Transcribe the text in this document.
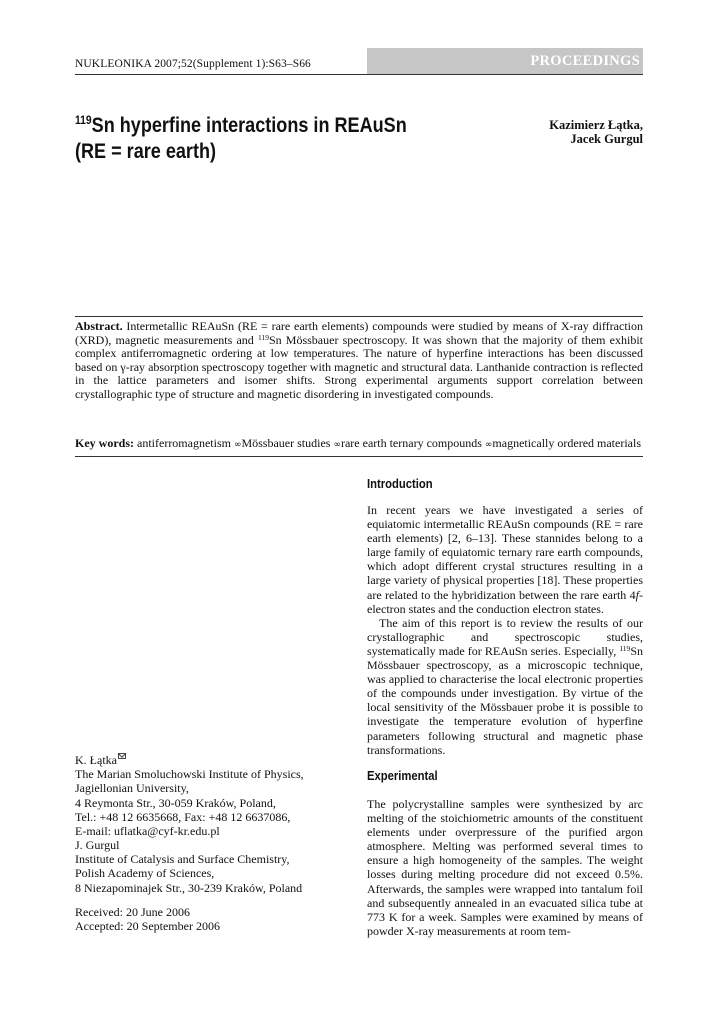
NUKLEONIKA 2007;52(Supplement 1):S63–S66	PROCEEDINGS
$^{119}$Sn hyperfine interactions in REAuSn
(RE = rare earth)
Kazimierz Łątka,
Jacek Gurgul
Abstract. Intermetallic REAuSn (RE = rare earth elements) compounds were studied by means of X-ray diffraction (XRD), magnetic measurements and $^{119}$Sn Mössbauer spectroscopy. It was shown that the majority of them exhibit complex antiferromagnetic ordering at low temperatures. The nature of hyperfine interactions has been discussed based on γ-ray absorption spectroscopy together with magnetic and structural data. Lanthanide contraction is reflected in the lattice parameters and isomer shifts. Strong experimental arguments support correlation between crystallographic type of structure and magnetic disordering in investigated compounds.
Key words: antiferromagnetism ∞Mössbauer studies ∞rare earth ternary compounds ∞magnetically ordered materials
Introduction

In recent years we have investigated a series of equiatomic intermetallic REAuSn compounds (RE = rare earth elements) [2, 6–13]. These stannides belong to a large family of equiatomic ternary rare earth compounds, which adopt different crystal structures resulting in a large variety of physical properties [18]. These properties are related to the hybridization between the rare earth 4f-electron states and the conduction electron states.

The aim of this report is to review the results of our crystallographic and spectroscopic studies, systematically made for REAuSn series. Especially, $^{119}$Sn Mössbauer spectroscopy, as a microscopic technique, was applied to characterise the local electronic properties of the compounds under investigation. By virtue of the local sensitivity of the Mössbauer probe it is possible to investigate the temperature evolution of hyperfine parameters following structural and magnetic phase transformations.

Experimental

The polycrystalline samples were synthesized by arc melting of the stoichiometric amounts of the constituent elements under overpressure of the purified argon atmosphere. Melting was performed several times to ensure a high homogeneity of the samples. The weight losses during melting procedure did not exceed 0.5%. Afterwards, the samples were wrapped into tantalum foil and subsequently annealed in an evacuated silica tube at 773 K for a week. Samples were examined by means of powder X-ray measurements at room tem-

K. Łątka
The Marian Smoluchowski Institute of Physics,
Jagiellonian University,
4 Reymonta Str., 30-059 Kraków, Poland,
Tel.: +48 12 6635668, Fax: +48 12 6637086,
E-mail: uflatka@cyf-kr.edu.pl
J. Gurgul
Institute of Catalysis and Surface Chemistry,
Polish Academy of Sciences,
8 Niezapominajek Str., 30-239 Kraków, Poland
Received: 20 June 2006
Accepted: 20 September 2006
